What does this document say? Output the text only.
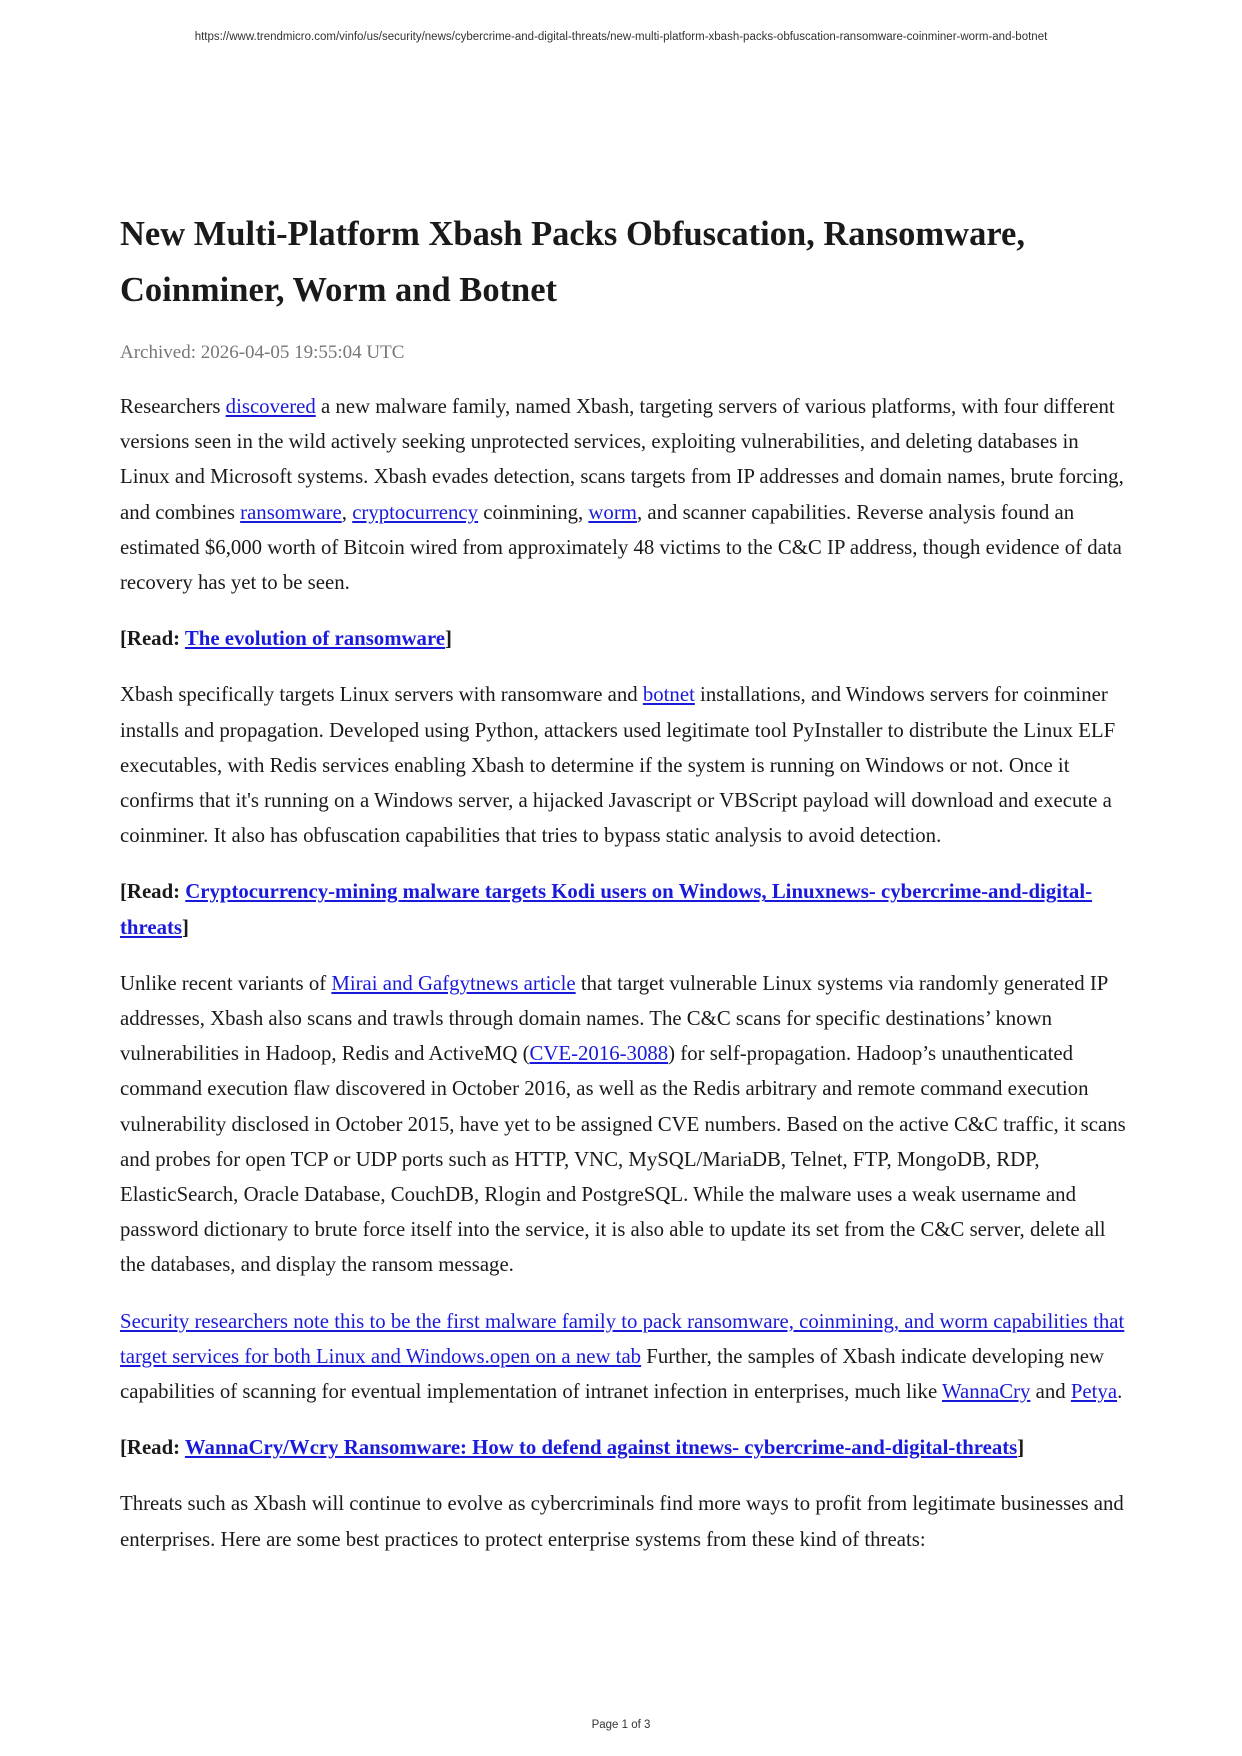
https://www.trendmicro.com/vinfo/us/security/news/cybercrime-and-digital-threats/new-multi-platform-xbash-packs-obfuscation-ransomware-coinminer-worm-and-botnet
New Multi-Platform Xbash Packs Obfuscation, Ransomware, Coinminer, Worm and Botnet
Archived: 2026-04-05 19:55:04 UTC

Researchers discovered a new malware family, named Xbash, targeting servers of various platforms, with four different versions seen in the wild actively seeking unprotected services, exploiting vulnerabilities, and deleting databases in Linux and Microsoft systems. Xbash evades detection, scans targets from IP addresses and domain names, brute forcing, and combines ransomware, cryptocurrency coinmining, worm, and scanner capabilities. Reverse analysis found an estimated $6,000 worth of Bitcoin wired from approximately 48 victims to the C&C IP address, though evidence of data recovery has yet to be seen.

[Read: The evolution of ransomware]

Xbash specifically targets Linux servers with ransomware and botnet installations, and Windows servers for coinminer installs and propagation. Developed using Python, attackers used legitimate tool PyInstaller to distribute the Linux ELF executables, with Redis services enabling Xbash to determine if the system is running on Windows or not. Once it confirms that it's running on a Windows server, a hijacked Javascript or VBScript payload will download and execute a coinminer. It also has obfuscation capabilities that tries to bypass static analysis to avoid detection.

[Read: Cryptocurrency-mining malware targets Kodi users on Windows, Linuxnews- cybercrime-and-digital-threats]

Unlike recent variants of Mirai and Gafgytnews article that target vulnerable Linux systems via randomly generated IP addresses, Xbash also scans and trawls through domain names. The C&C scans for specific destinations’ known vulnerabilities in Hadoop, Redis and ActiveMQ (CVE-2016-3088) for self-propagation. Hadoop’s unauthenticated command execution flaw discovered in October 2016, as well as the Redis arbitrary and remote command execution vulnerability disclosed in October 2015, have yet to be assigned CVE numbers. Based on the active C&C traffic, it scans and probes for open TCP or UDP ports such as HTTP, VNC, MySQL/MariaDB, Telnet, FTP, MongoDB, RDP, ElasticSearch, Oracle Database, CouchDB, Rlogin and PostgreSQL. While the malware uses a weak username and password dictionary to brute force itself into the service, it is also able to update its set from the C&C server, delete all the databases, and display the ransom message.

Security researchers note this to be the first malware family to pack ransomware, coinmining, and worm capabilities that target services for both Linux and Windows.open on a new tab Further, the samples of Xbash indicate developing new capabilities of scanning for eventual implementation of intranet infection in enterprises, much like WannaCry and Petya.

[Read: WannaCry/Wcry Ransomware: How to defend against itnews- cybercrime-and-digital-threats]

Threats such as Xbash will continue to evolve as cybercriminals find more ways to profit from legitimate businesses and enterprises. Here are some best practices to protect enterprise systems from these kind of threats:

Page 1 of 3
